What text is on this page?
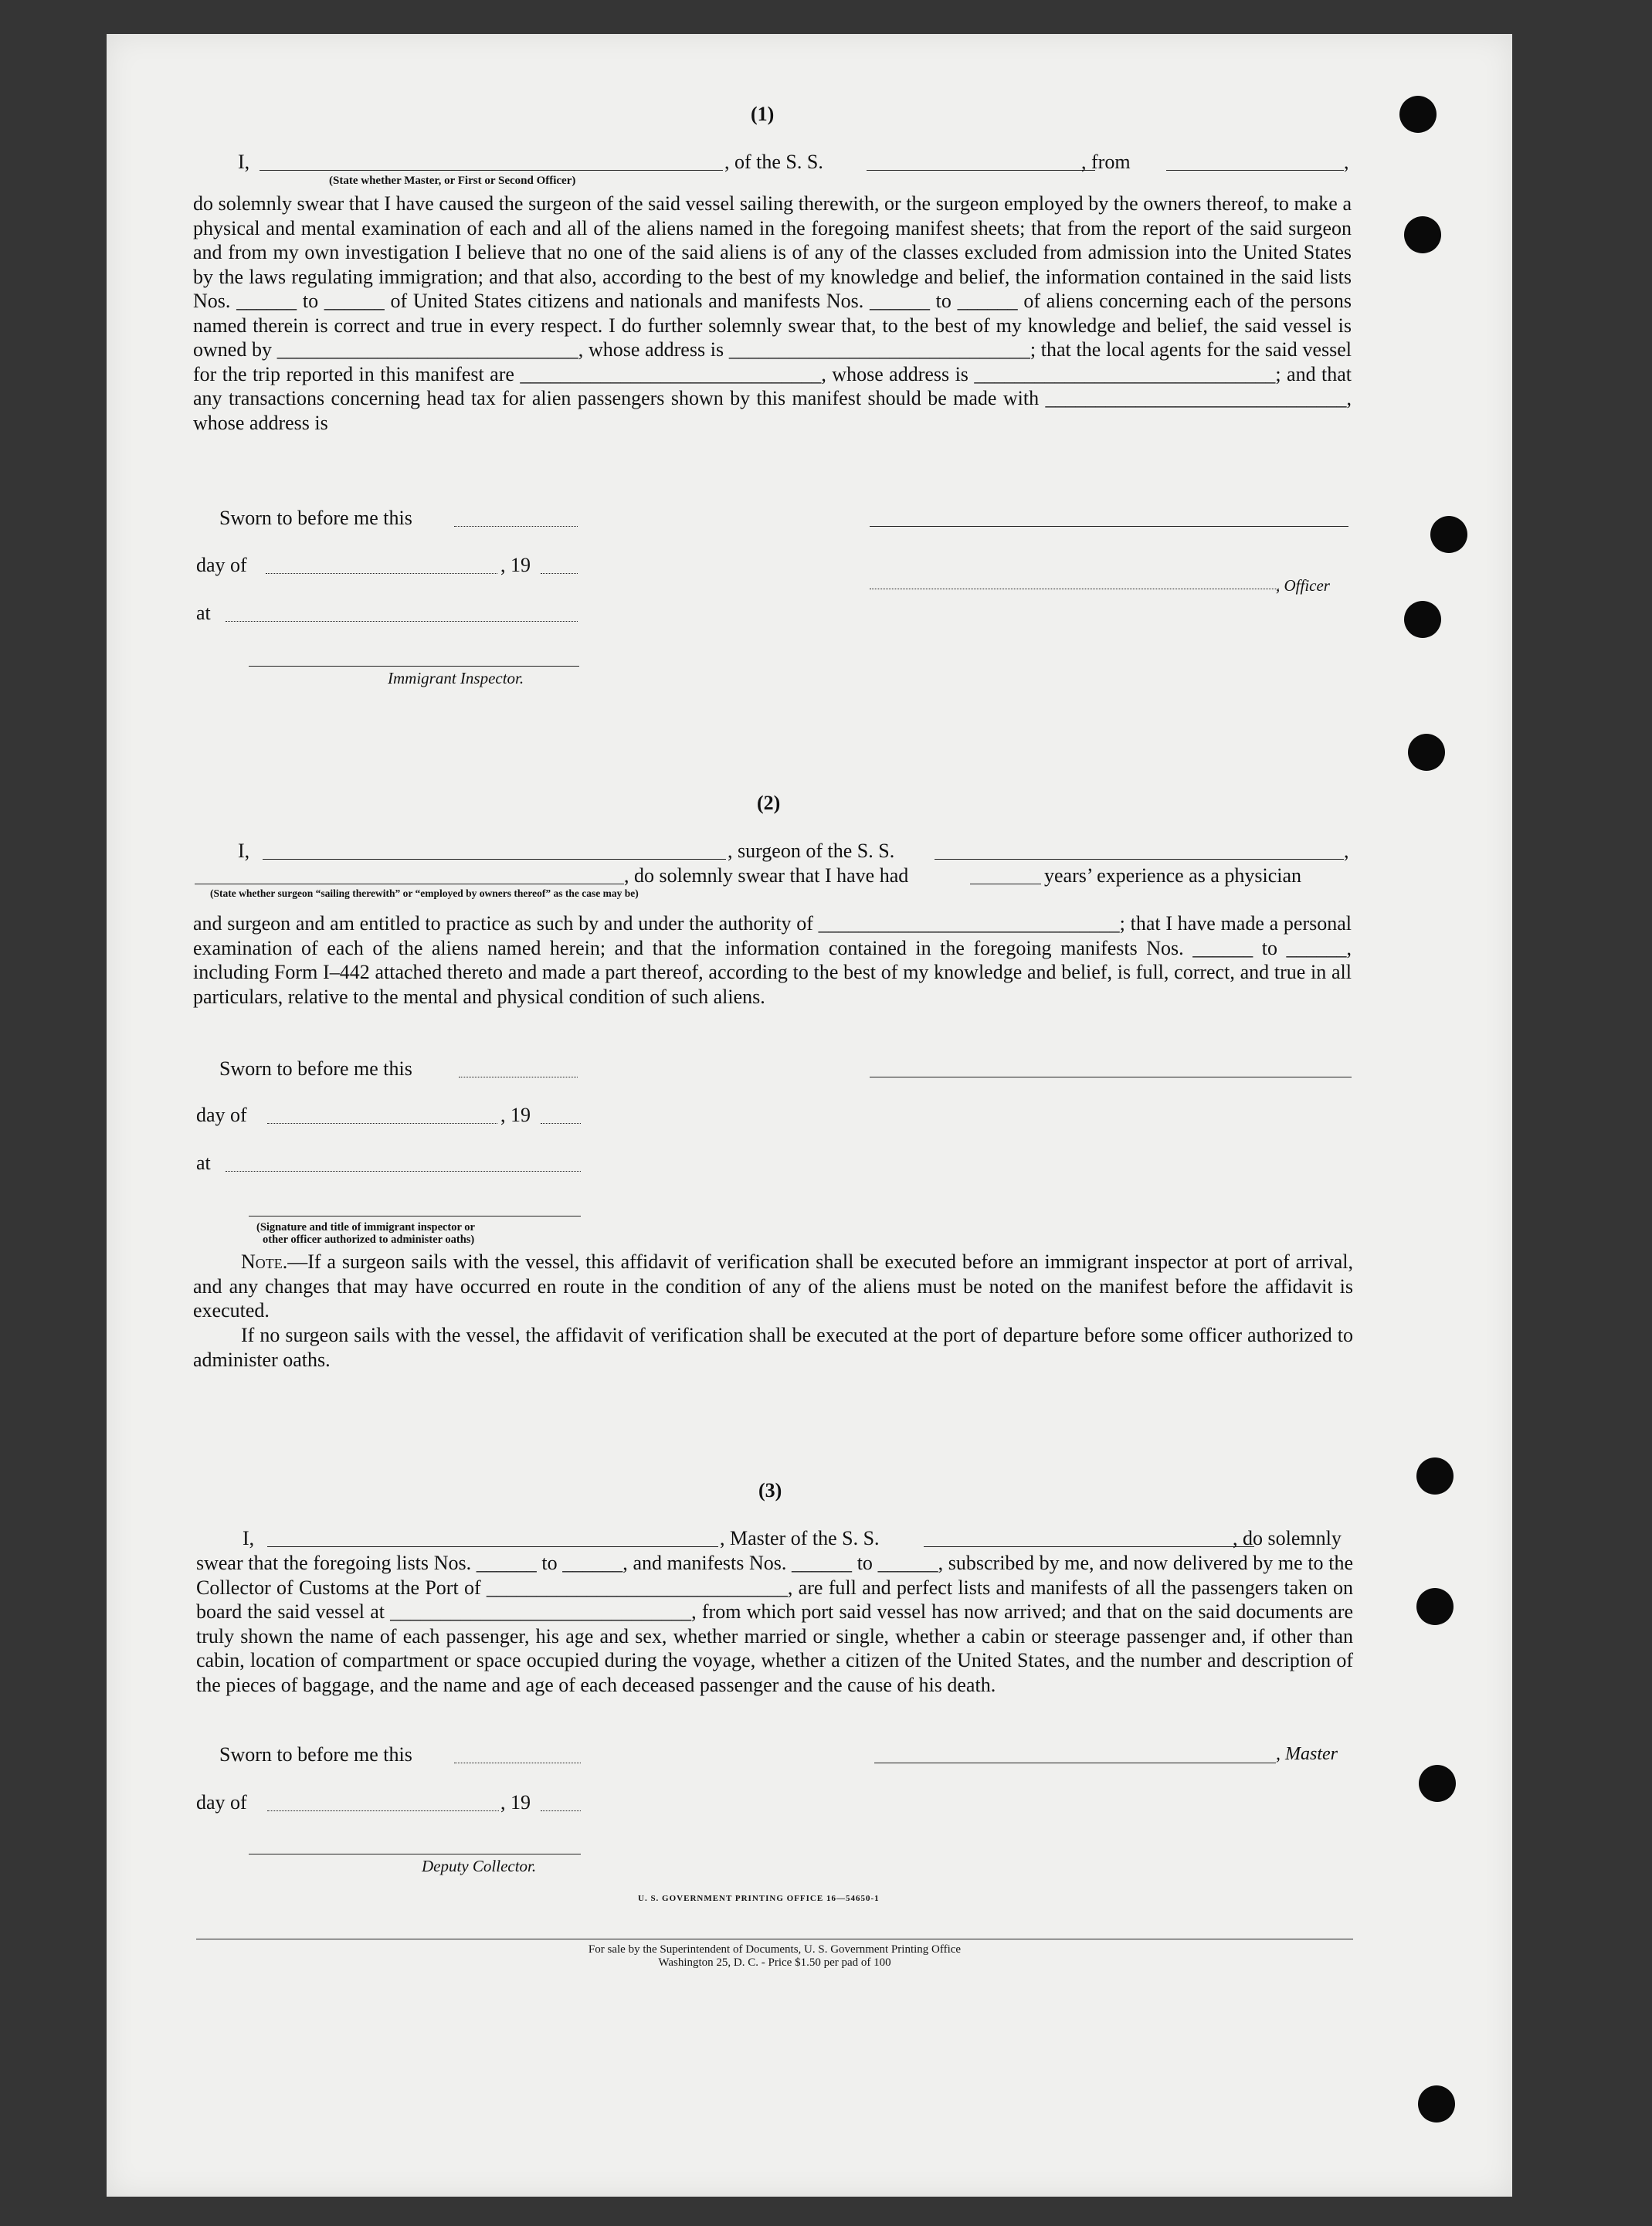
(1)
I,	, of the S. S.	, from	,
(State whether Master, or First or Second Officer)
do solemnly swear that I have caused the surgeon of the said vessel sailing therewith, or the surgeon employed by the owners thereof, to make a physical and mental examination of each and all of the aliens named in the foregoing manifest sheets; that from the report of the said surgeon and from my own investigation I believe that no one of the said aliens is of any of the classes excluded from admission into the United States by the laws regulating immigration; and that also, according to the best of my knowledge and belief, the information contained in the said lists Nos. ______ to ______ of United States citizens and nationals and manifests Nos. ______ to ______ of aliens concerning each of the persons named therein is correct and true in every respect. I do further solemnly swear that, to the best of my knowledge and belief, the said vessel is owned by ______________________________, whose address is ______________________________; that the local agents for the said vessel for the trip reported in this manifest are ______________________________, whose address is ______________________________; and that any transactions concerning head tax for alien passengers shown by this manifest should be made with ______________________________, whose address is
Sworn to before me this
day of	, 19
, Officer
at
Immigrant Inspector.
(2)
I,	, surgeon of the S. S.	,
, do solemnly swear that I have had	years’ experience as a physician
(State whether surgeon “sailing therewith” or “employed by owners thereof” as the case may be)
and surgeon and am entitled to practice as such by and under the authority of ______________________________; that I have made a personal examination of each of the aliens named herein; and that the information contained in the foregoing manifests Nos. ______ to ______, including Form I–442 attached thereto and made a part thereof, according to the best of my knowledge and belief, is full, correct, and true in all particulars, relative to the mental and physical condition of such aliens.
Sworn to before me this
day of	, 19
at
(Signature and title of immigrant inspector or
other officer authorized to administer oaths)
Note.—If a surgeon sails with the vessel, this affidavit of verification shall be executed before an immigrant inspector at port of arrival, and any changes that may have occurred en route in the condition of any of the aliens must be noted on the manifest before the affidavit is executed.
If no surgeon sails with the vessel, the affidavit of verification shall be executed at the port of departure before some officer authorized to administer oaths.
(3)
I,	, Master of the S. S.	, do solemnly
swear that the foregoing lists Nos. ______ to ______, and manifests Nos. ______ to ______, subscribed by me, and now delivered by me to the Collector of Customs at the Port of ______________________________, are full and perfect lists and manifests of all the passengers taken on board the said vessel at ______________________________, from which port said vessel has now arrived; and that on the said documents are truly shown the name of each passenger, his age and sex, whether married or single, whether a cabin or steerage passenger and, if other than cabin, location of compartment or space occupied during the voyage, whether a citizen of the United States, and the number and description of the pieces of baggage, and the name and age of each deceased passenger and the cause of his death.
Sworn to before me this	, Master
day of	, 19
Deputy Collector.
U. S. GOVERNMENT PRINTING OFFICE 16—54650-1
For sale by the Superintendent of Documents, U. S. Government Printing Office
Washington 25, D. C. - Price $1.50 per pad of 100
